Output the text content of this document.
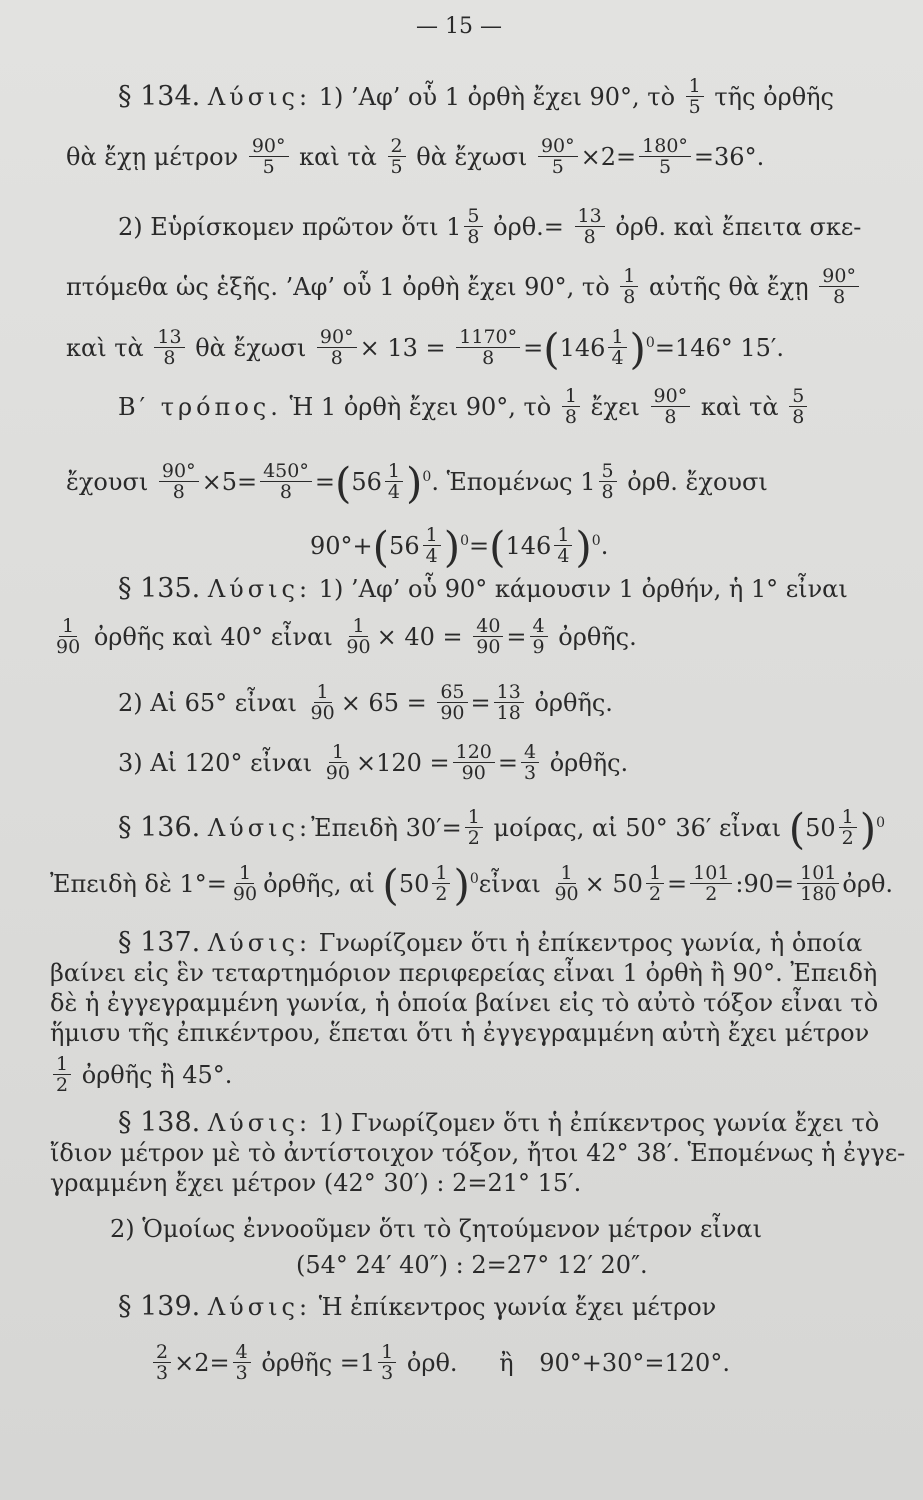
— 15 —
§ 134. Λύσις: 1) ’Αφ’ οὗ 1 ὀρθὴ ἔχει 90°, τὸ $\frac{1}{5}$ τῆς ὀρθῆς
θὰ ἔχῃ μέτρον $\frac{90^\circ}{5}$ καὶ τὰ $\frac{2}{5}$ θὰ ἔχωσι $\frac{90^\circ}{5} \times 2= \frac{180^\circ}{5} =36^\circ$.
2) Εὑρίσκομεν πρῶτον ὅτι $1 \frac{5}{8}$ ὀρθ.= $\frac{13}{8}$ ὀρθ. καὶ ἔπειτα σκε-
πτόμεθα ὡς ἑξῆς. ’Αφ’ οὗ 1 ὀρθὴ ἔχει 90°, τὸ $\frac{1}{8}$ αὐτῆς θὰ ἔχῃ $\frac{90^\circ}{8}$
καὶ τὰ $\frac{13}{8}$ θὰ ἔχωσι $\frac{90^\circ}{8} \times 13 = \frac{1170^\circ}{8} =(146 \frac{1}{4} )^0=146^\circ$ 15′.
Β′ τρόπος. Ἡ 1 ὀρθὴ ἔχει 90°, τὸ $\frac{1}{8}$ ἔχει $\frac{90^\circ}{8}$ καὶ τὰ $\frac{5}{8}$
ἔχουσι $\frac{90^\circ}{8} \times 5= \frac{450^\circ}{8} =(56 \frac{1}{4} )^0$. Ἑπομένως $1 \frac{5}{8}$ ὀρθ. ἔχουσι
$90^\circ+(56 \frac{1}{4} )^0=(146 \frac{1}{4} )^0$.
§ 135. Λύσις: 1) ’Αφ’ οὗ 90° κάμουσιν 1 ὀρθήν, ἡ 1° εἶναι
$\frac{1}{90}$ ὀρθῆς καὶ 40° εἶναι $\frac{1}{90} \times 40 = \frac{40}{90} = \frac{4}{9}$ ὀρθῆς.
2) Αἱ 65° εἶναι $\frac{1}{90} \times 65 = \frac{65}{90} = \frac{13}{18}$ ὀρθῆς.
3) Αἱ 120° εἶναι $\frac{1}{90} \times 120 = \frac{120}{90} = \frac{4}{3}$ ὀρθῆς.
§ 136. Λύσις:Ἐπειδὴ $30'= \frac{1}{2} \mu oί\rho\alpha\varsigma$, αἱ 50° 36′ εἶναι $(50 \frac{1}{2} )^0$
Ἐπειδὴ δὲ $1^\circ= \frac{1}{90}$ ὀρθῆς, αἱ ($50 \frac{1}{2}$ )$^0$εἶναι $\frac{1}{90} \times 50 \frac{1}{2} = \frac{101}{2}$ :90= $\frac{101}{180}$ ὀρθ.
§ 137. Λύσις: Γνωρίζομεν ὅτι ἡ ἐπίκεντρος γωνία, ἡ ὁποία
βαίνει εἰς ἓν τεταρτημόριον περιφερείας εἶναι 1 ὀρθὴ ἢ 90°. Ἐπειδὴ
δὲ ἡ ἐγγεγραμμένη γωνία, ἡ ὁποία βαίνει εἰς τὸ αὐτὸ τόξον εἶναι τὸ
ἥμισυ τῆς ἐπικέντρου, ἕπεται ὅτι ἡ ἐγγεγραμμένη αὐτὴ ἔχει μέτρον
$\frac{1}{2}$ ὀρθῆς ἢ 45°.
§ 138. Λύσις: 1) Γνωρίζομεν ὅτι ἡ ἐπίκεντρος γωνία ἔχει τὸ
ἴδιον μέτρον μὲ τὸ ἀντίστοιχον τόξον, ἤτοι 42° 38′. Ἑπομένως ἡ ἐγγε-
γραμμένη ἔχει μέτρον (42° 30′) : 2=21° 15′.
2) Ὁμοίως ἐννοοῦμεν ὅτι τὸ ζητούμενον μέτρον εἶναι
(54° 24′ 40″) : 2=27° 12′ 20″.
§ 139. Λύσις: Ἡ ἐπίκεντρος γωνία ἔχει μέτρον
$\frac{2}{3} \times 2= \frac{4}{3}$ ὀρθῆς $=1 \frac{1}{3}$ ὀρθ. ἢ 90°+30°=120°.
